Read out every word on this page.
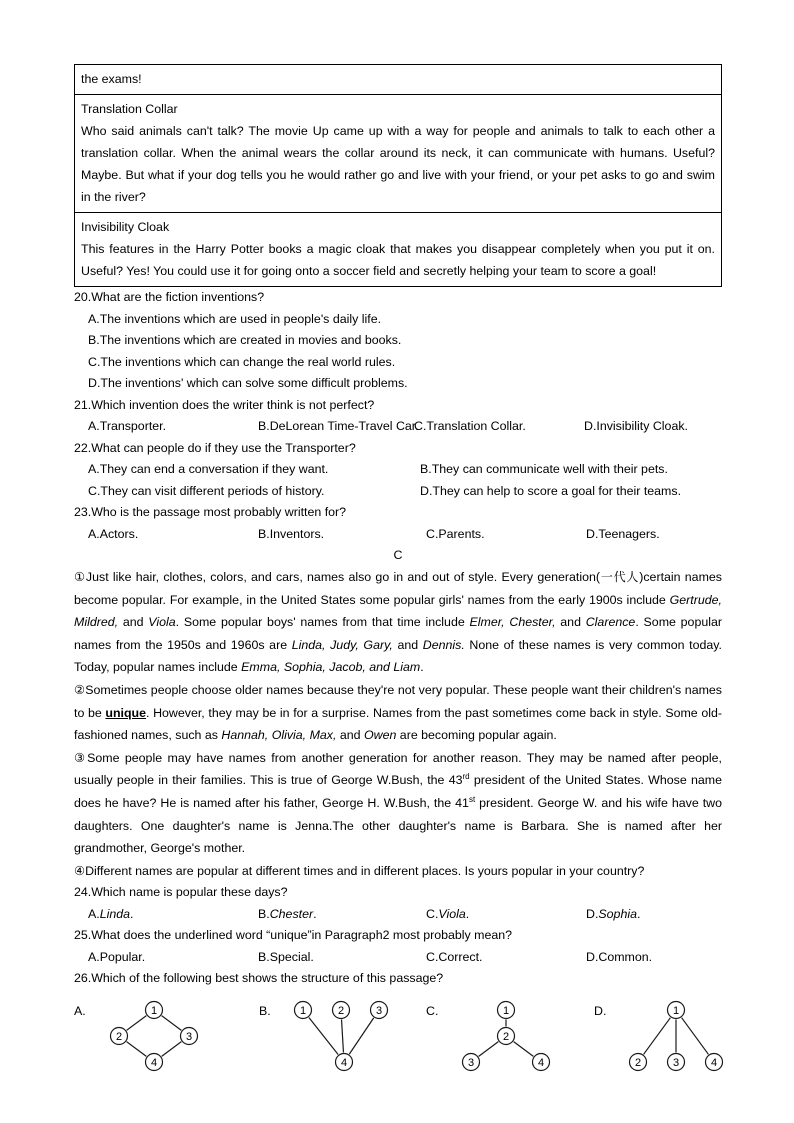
the exams!

Translation Collar
Who said animals can't talk? The movie Up came up with a way for people and animals to talk to each other a translation collar. When the animal wears the collar around its neck, it can communicate with humans. Useful? Maybe. But what if your dog tells you he would rather go and live with your friend, or your pet asks to go and swim in the river?

Invisibility Cloak
This features in the Harry Potter books a magic cloak that makes you disappear completely when you put it on. Useful? Yes! You could use it for going onto a soccer field and secretly helping your team to score a goal!

20.What are the fiction inventions?

A.The inventions which are used in people's daily life.

B.The inventions which are created in movies and books.

C.The inventions which can change the real world rules.

D.The inventions' which can solve some difficult problems.

21.Which invention does the writer think is not perfect?

A.Transporter.	B.DeLorean Time-Travel Car.
C.Translation Collar.	D.Invisibility Cloak.

22.What can people do if they use the Transporter?

A.They can end a conversation if they want.	B.They can communicate well with their pets.
C.They can visit different periods of history.	D.They can help to score a goal for their teams.

23.Who is the passage most probably written for?

A.Actors.	B.Inventors.	C.Parents.	D.Teenagers.

C

①Just like hair, clothes, colors, and cars, names also go in and out of style. Every generation(一代人)certain names become popular. For example, in the United States some popular girls' names from the early 1900s include Gertrude, Mildred, and Viola. Some popular boys' names from that time include Elmer, Chester, and Clarence. Some popular names from the 1950s and 1960s are Linda, Judy, Gary, and Dennis. None of these names is very common today. Today, popular names include Emma, Sophia, Jacob, and Liam.

②Sometimes people choose older names because they're not very popular. These people want their children's names to be unique. However, they may be in for a surprise. Names from the past sometimes come back in style. Some old-fashioned names, such as Hannah, Olivia, Max, and Owen are becoming popular again.

③Some people may have names from another generation for another reason. They may be named after people, usually people in their families. This is true of George W.Bush, the 43rd president of the United States. Whose name does he have? He is named after his father, George H. W.Bush, the 41st president. George W. and his wife have two daughters. One daughter's name is Jenna.The other daughter's name is Barbara. She is named after her grandmother, George's mother.

④Different names are popular at different times and in different places. Is yours popular in your country?

24.Which name is popular these days?

A.Linda.	B.Chester.	C.Viola.	D.Sophia.

25.What does the underlined word “unique”in Paragraph2 most probably mean?

A.Popular.	B.Special.	C.Correct.	D.Common.

26.Which of the following best shows the structure of this passage?

A.	1
2	3
4
B.	1	2	3
4
C.	1
2
3	4
D.	1
2	3	4
